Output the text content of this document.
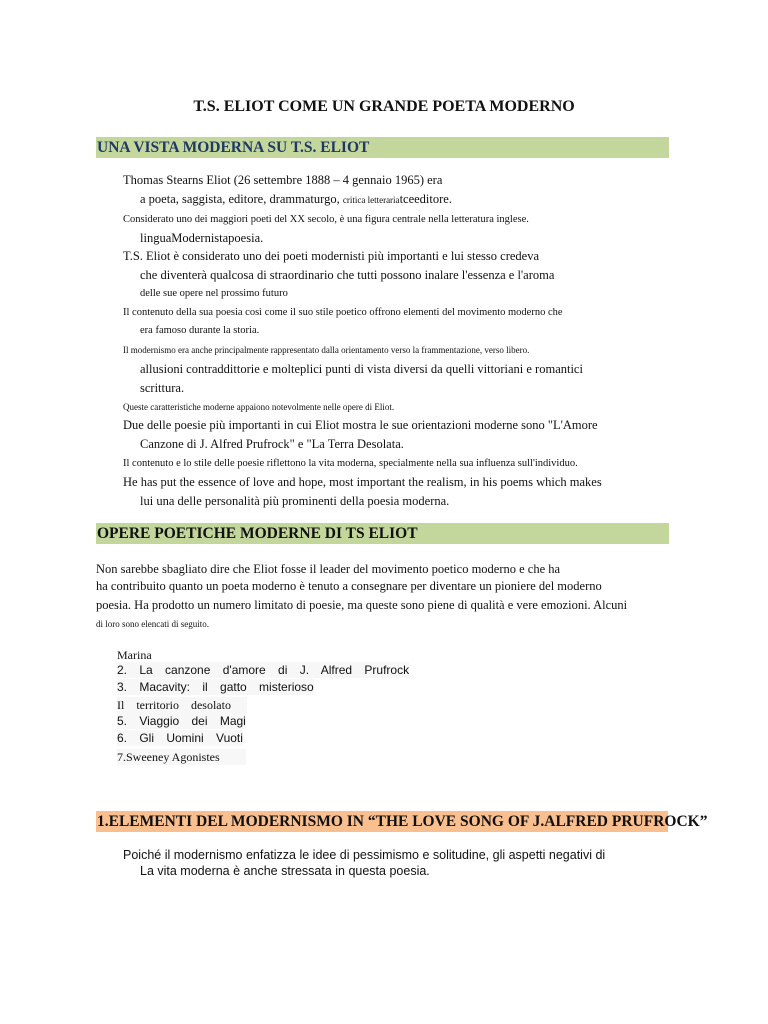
T.S. ELIOT COME UN GRANDE POETA MODERNO
UNA VISTA MODERNA SU T.S. ELIOT
Thomas Stearns Eliot (26 settembre 1888 – 4 gennaio 1965) era
a poeta, saggista, editore, drammaturgo, critica letterariatceeditore.
Considerato uno dei maggiori poeti del XX secolo, è una figura centrale nella letteratura inglese.
linguaModernistapoesia.
T.S. Eliot è considerato uno dei poeti modernisti più importanti e lui stesso credeva
che diventerà qualcosa di straordinario che tutti possono inalare l'essenza e l'aroma
delle sue opere nel prossimo futuro
Il contenuto della sua poesia così come il suo stile poetico offrono elementi del movimento moderno che
era famoso durante la storia.
Il modernismo era anche principalmente rappresentato dalla orientamento verso la frammentazione, verso libero.
allusioni contraddittorie e molteplici punti di vista diversi da quelli vittoriani e romantici
scrittura.
Queste caratteristiche moderne appaiono notevolmente nelle opere di Eliot.
Due delle poesie più importanti in cui Eliot mostra le sue orientazioni moderne sono "L'Amore
Canzone di J. Alfred Prufrock" e "La Terra Desolata.
Il contenuto e lo stile delle poesie riflettono la vita moderna, specialmente nella sua influenza sull'individuo.
He has put the essence of love and hope, most important the realism, in his poems which makes
lui una delle personalità più prominenti della poesia moderna.
OPERE POETICHE MODERNE DI TS ELIOT
Non sarebbe sbagliato dire che Eliot fosse il leader del movimento poetico moderno e che ha
ha contribuito quanto un poeta moderno è tenuto a consegnare per diventare un pioniere del moderno
poesia. Ha prodotto un numero limitato di poesie, ma queste sono piene di qualità e vere emozioni. Alcuni
di loro sono elencati di seguito.
Marina
2. La canzone d'amore di J. Alfred Prufrock
3. Macavity: il gatto misterioso
Il territorio desolato
5. Viaggio dei Magi
6. Gli Uomini Vuoti
7.Sweeney Agonistes
1.ELEMENTI DEL MODERNISMO IN “THE LOVE SONG OF J.ALFRED PRUFROCK”
Poiché il modernismo enfatizza le idee di pessimismo e solitudine, gli aspetti negativi di
La vita moderna è anche stressata in questa poesia.
